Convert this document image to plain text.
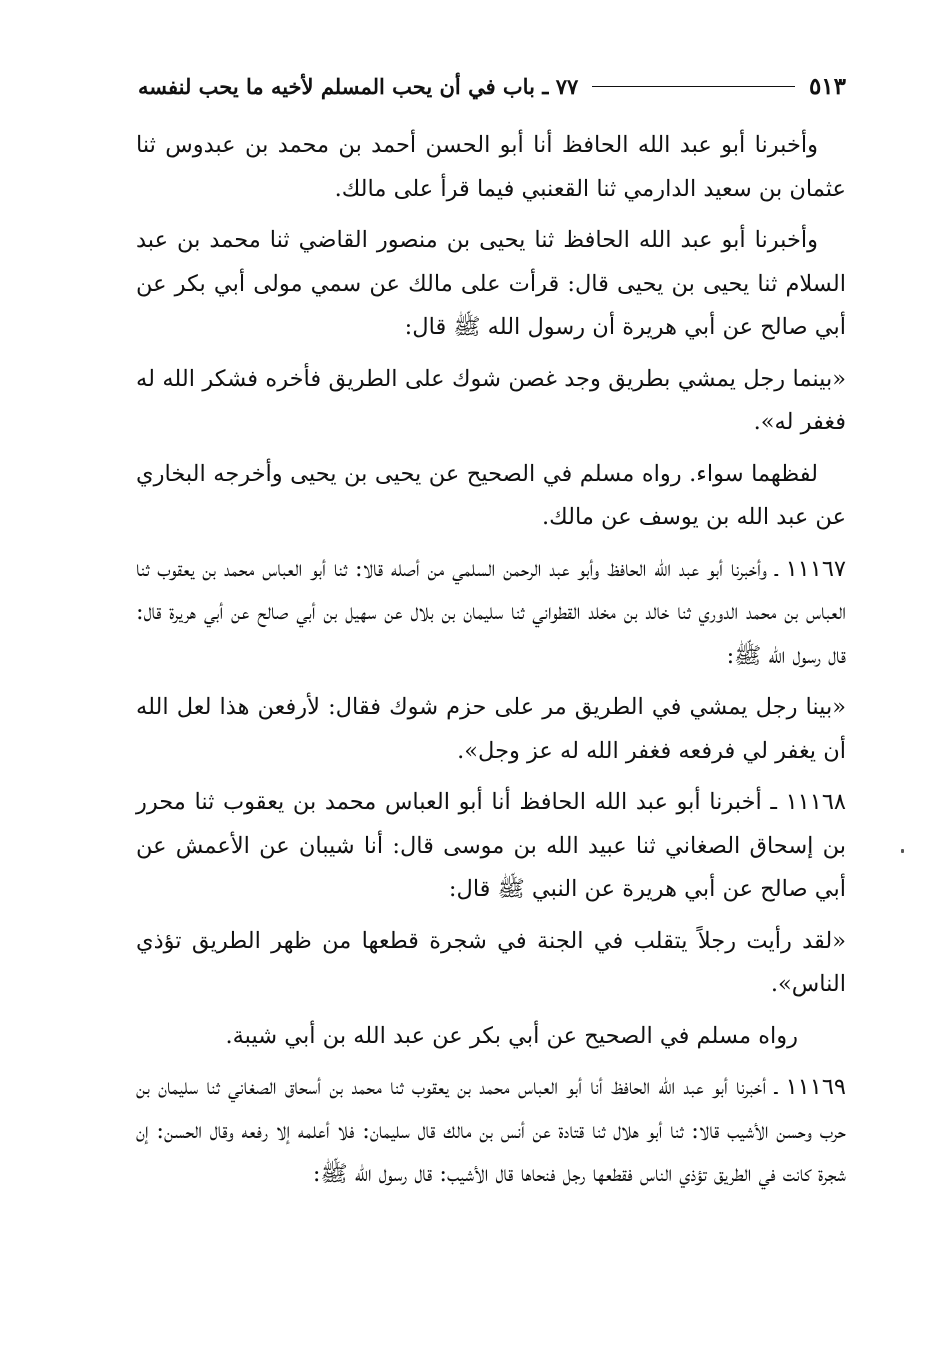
٧٧ ـ باب في أن يحب المسلم لأخيه ما يحب لنفسه	٥١٣

وأخبرنا أبو عبد الله الحافظ أنا أبو الحسن أحمد بن محمد بن عبدوس ثنا عثمان بن سعيد الدارمي ثنا القعنبي فيما قرأ على مالك.

وأخبرنا أبو عبد الله الحافظ ثنا يحيى بن منصور القاضي ثنا محمد بن عبد السلام ثنا يحيى بن يحيى قال: قرأت على مالك عن سمي مولى أبي بكر عن أبي صالح عن أبي هريرة أن رسول الله ﷺ قال:

«بينما رجل يمشي بطريق وجد غصن شوك على الطريق فأخره فشكر الله له فغفر له».

لفظهما سواء. رواه مسلم في الصحيح عن يحيى بن يحيى وأخرجه البخاري عن عبد الله بن يوسف عن مالك.

١١١٦٧ ـ وأخبرنا أبو عبد الله الحافظ وأبو عبد الرحمن السلمي من أصله قالا: ثنا أبو العباس محمد بن يعقوب ثنا العباس بن محمد الدوري ثنا خالد بن مخلد القطواني ثنا سليمان بن بلال عن سهيل بن أبي صالح عن أبي هريرة قال: قال رسول الله ﷺ:

«بينا رجل يمشي في الطريق مر على حزم شوك فقال: لأرفعن هذا لعل الله أن يغفر لي فرفعه فغفر الله له عز وجل».

١١١٦٨ ـ أخبرنا أبو عبد الله الحافظ أنا أبو العباس محمد بن يعقوب ثنا محرر بن إسحاق الصغاني ثنا عبيد الله بن موسى قال: أنا شيبان عن الأعمش عن أبي صالح عن أبي هريرة عن النبي ﷺ قال:

«لقد رأيت رجلاً يتقلب في الجنة في شجرة قطعها من ظهر الطريق تؤذي الناس».

رواه مسلم في الصحيح عن أبي بكر عن عبد الله بن أبي شيبة.

١١١٦٩ ـ أخبرنا أبو عبد الله الحافظ أنا أبو العباس محمد بن يعقوب ثنا محمد بن أسحاق الصغاني ثنا سليمان بن حرب وحسن الأشيب قالا: ثنا أبو هلال ثنا قتادة عن أنس بن مالك قال سليمان: فلا أعلمه إلا رفعه وقال الحسن: إن شجرة كانت في الطريق تؤذي الناس فقطعها رجل فنحاها قال الأشيب: قال رسول الله ﷺ:
